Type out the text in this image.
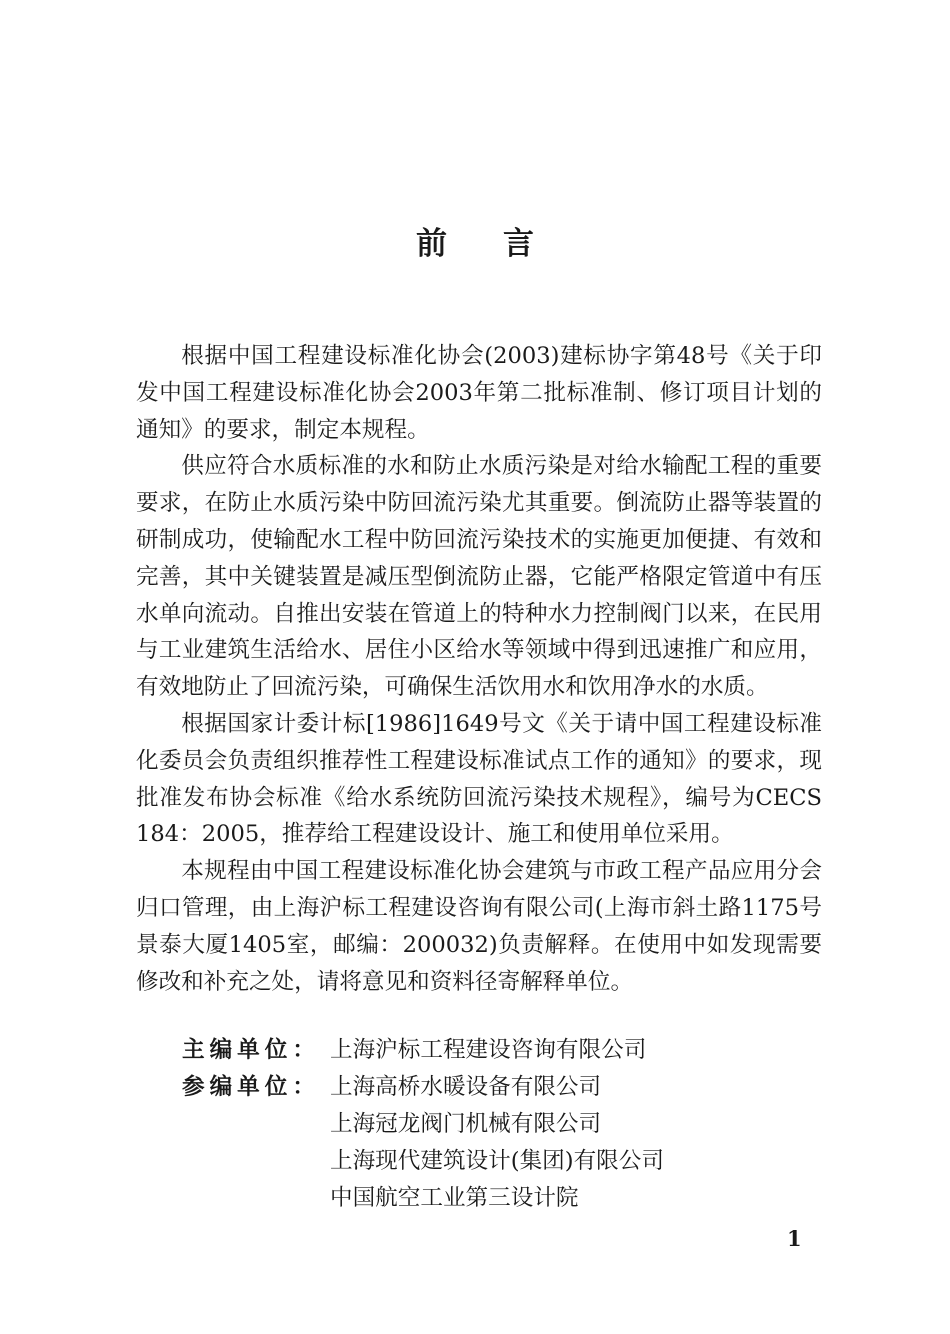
前言

根据中国工程建设标准化协会(2003)建标协字第48号《关于印发中国工程建设标准化协会2003年第二批标准制、修订项目计划的通知》的要求，制定本规程。

供应符合水质标准的水和防止水质污染是对给水输配工程的重要要求，在防止水质污染中防回流污染尤其重要。倒流防止器等装置的研制成功，使输配水工程中防回流污染技术的实施更加便捷、有效和完善，其中关键装置是减压型倒流防止器，它能严格限定管道中有压水单向流动。自推出安装在管道上的特种水力控制阀门以来，在民用与工业建筑生活给水、居住小区给水等领域中得到迅速推广和应用，有效地防止了回流污染，可确保生活饮用水和饮用净水的水质。

根据国家计委计标[1986]1649号文《关于请中国工程建设标准化委员会负责组织推荐性工程建设标准试点工作的通知》的要求，现批准发布协会标准《给水系统防回流污染技术规程》，编号为CECS 184：2005，推荐给工程建设设计、施工和使用单位采用。

本规程由中国工程建设标准化协会建筑与市政工程产品应用分会归口管理，由上海沪标工程建设咨询有限公司(上海市斜土路1175号景泰大厦1405室，邮编：200032)负责解释。在使用中如发现需要修改和补充之处，请将意见和资料径寄解释单位。

主编单位： 上海沪标工程建设咨询有限公司
参编单位： 上海高桥水暖设备有限公司
上海冠龙阀门机械有限公司
上海现代建筑设计(集团)有限公司
中国航空工业第三设计院
1
